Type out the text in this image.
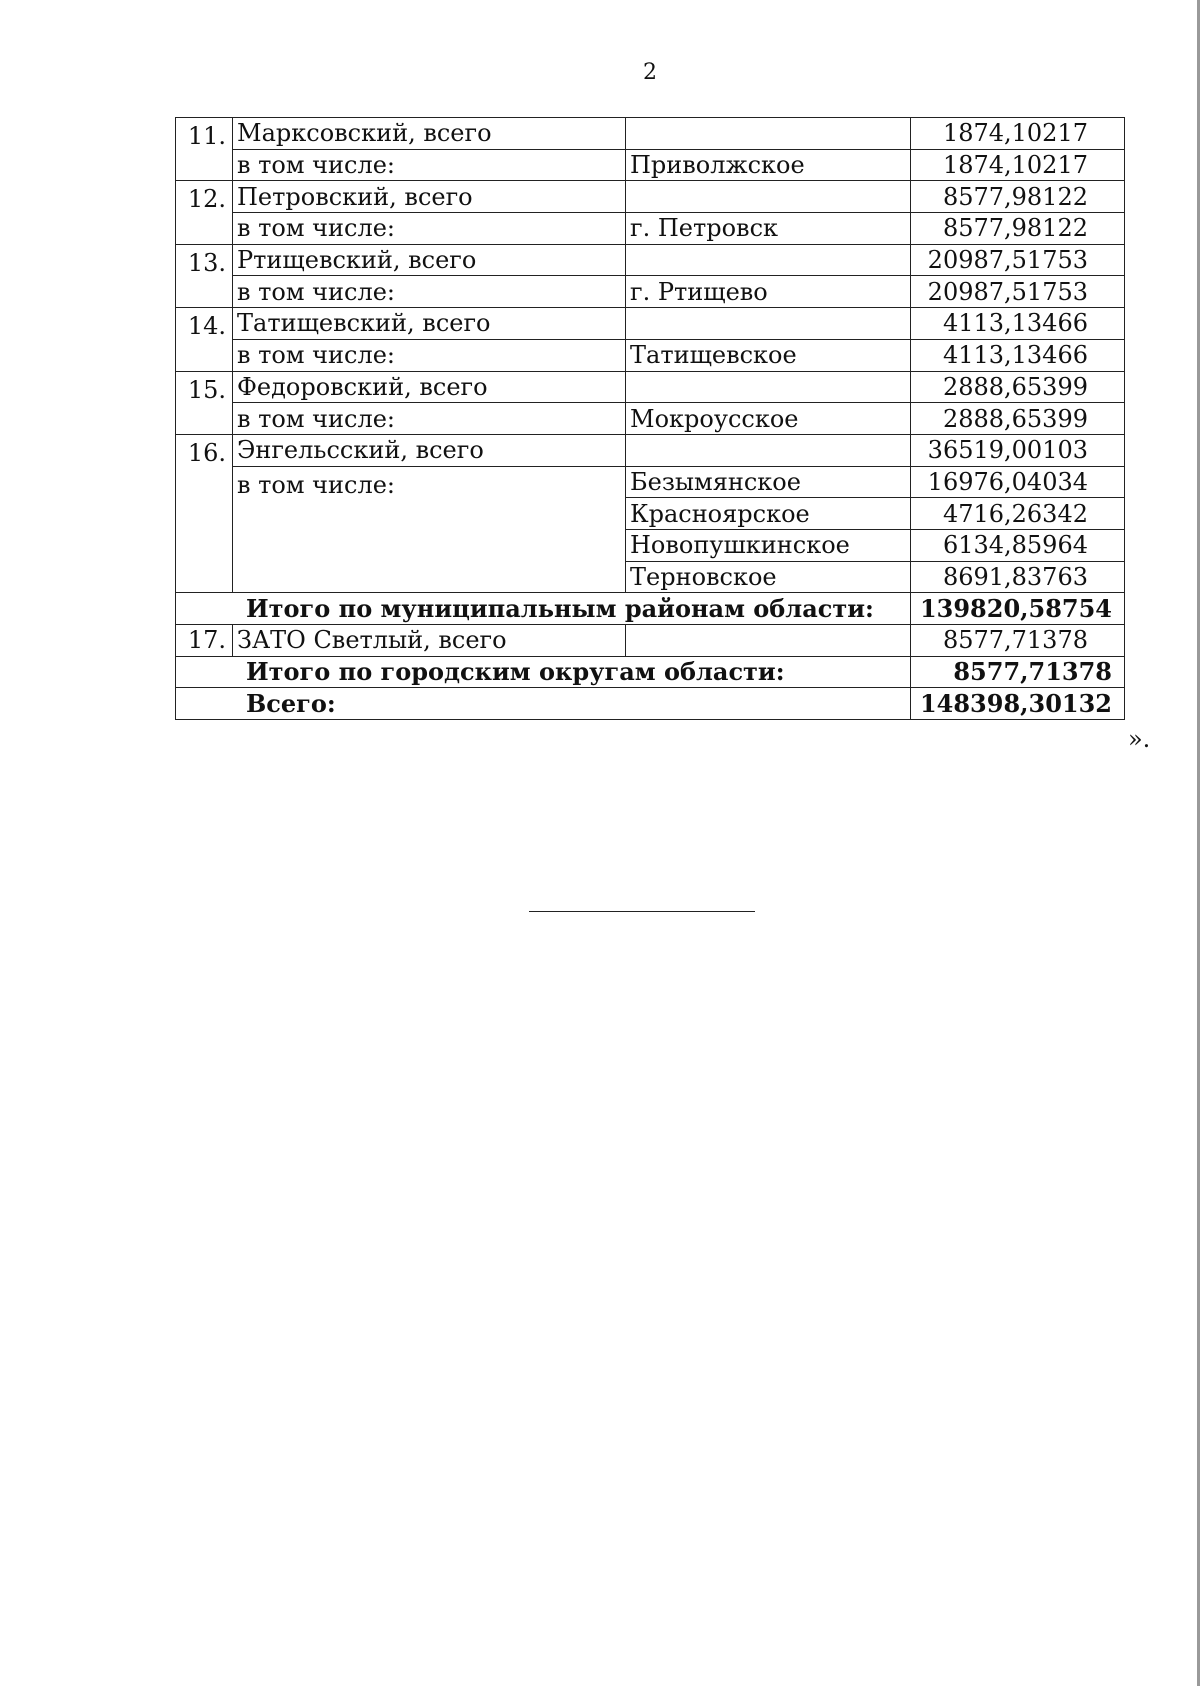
2
11.	Марксовский, всего		1874,10217
	в том числе:	Приволжское	1874,10217
12.	Петровский, всего		8577,98122
	в том числе:	г. Петровск	8577,98122
13.	Ртищевский, всего		20987,51753
	в том числе:	г. Ртищево	20987,51753
14.	Татищевский, всего		4113,13466
	в том числе:	Татищевское	4113,13466
15.	Федоровский, всего		2888,65399
	в том числе:	Мокроусское	2888,65399
16.	Энгельсский, всего		36519,00103
	в том числе:	Безымянское	16976,04034
		Красноярское	4716,26342
		Новопушкинское	6134,85964
		Терновское	8691,83763
Итого по муниципальным районам области:			139820,58754
17.	ЗАТО Светлый, всего		8577,71378
Итого по городским округам области:			8577,71378
Всего:			148398,30132
».
